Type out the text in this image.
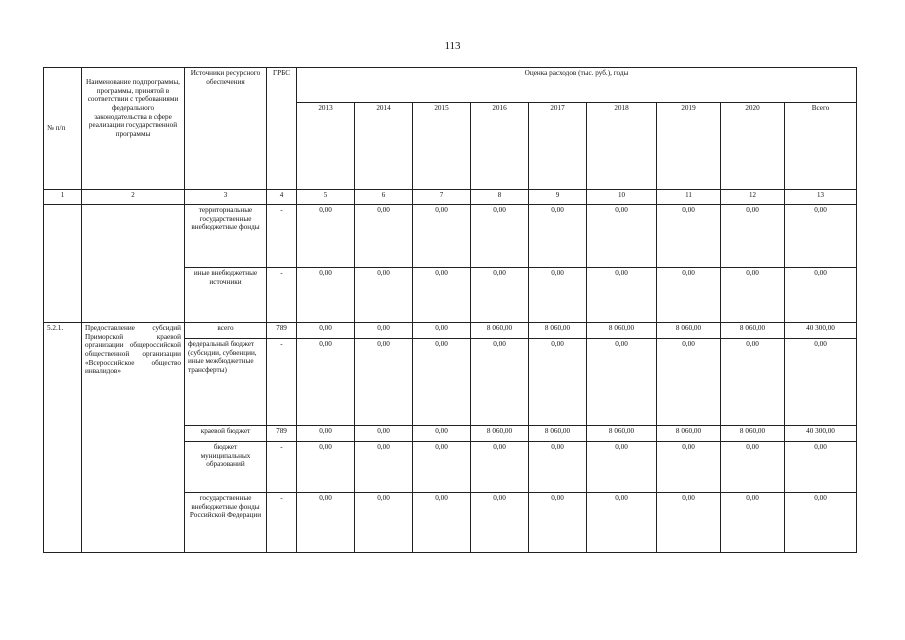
113
№ п/п	Наименование подпрограммы, программы, принятой в соответствии с требованиями федерального законодательства в сфере реализации государственной программы	Источники ресурсного обеспечения	ГРБС	Оценка расходов (тыс. руб.), годы								
				2013	2014	2015	2016	2017	2018	2019	2020	Всего
1	2	3	4	5	6	7	8	9	10	11	12	13
		территориальные государственные внебюджетные фонды	-	0,00	0,00	0,00	0,00	0,00	0,00	0,00	0,00	0,00
		иные внебюджетные источники	-	0,00	0,00	0,00	0,00	0,00	0,00	0,00	0,00	0,00
5.2.1.	Предоставление субсидий Приморской краевой организации общероссийской общественной организации «Всероссийское общество инвалидов»	всего	789	0,00	0,00	0,00	8 060,00	8 060,00	8 060,00	8 060,00	8 060,00	40 300,00
		федеральный бюджет (субсидии, субвенции, иные межбюджетные трансферты)	-	0,00	0,00	0,00	0,00	0,00	0,00	0,00	0,00	0,00
		краевой бюджет	789	0,00	0,00	0,00	8 060,00	8 060,00	8 060,00	8 060,00	8 060,00	40 300,00
		бюджет муниципальных образований	-	0,00	0,00	0,00	0,00	0,00	0,00	0,00	0,00	0,00
		государственные внебюджетные фонды Российской Федерации	-	0,00	0,00	0,00	0,00	0,00	0,00	0,00	0,00	0,00
